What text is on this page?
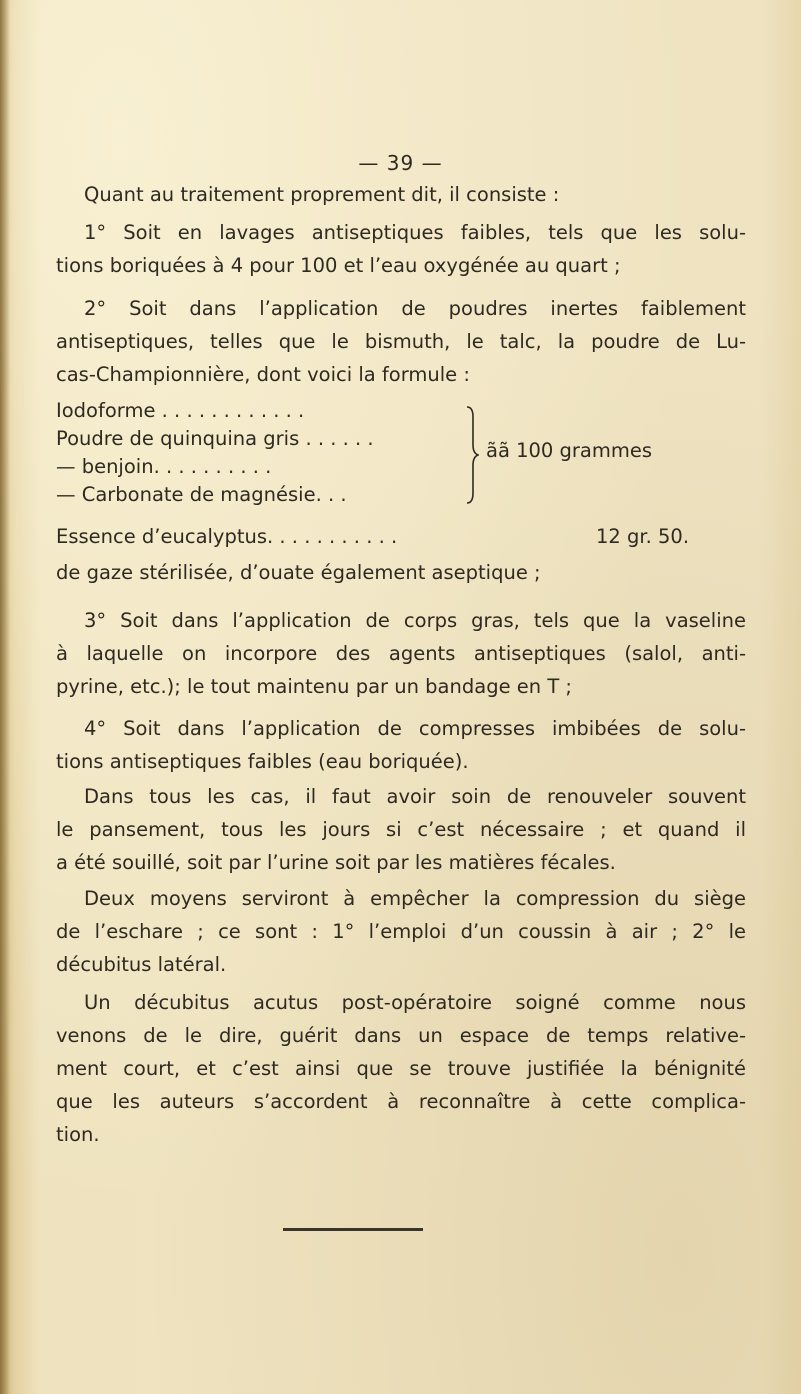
— 39 —

Quant au traitement proprement dit, il consiste :

1° Soit en lavages antiseptiques faibles, tels que les solu-

tions boriquées à 4 pour 100 et l’eau oxygénée au quart ;

2° Soit dans l’application de poudres inertes faiblement

antiseptiques, telles que le bismuth, le talc, la poudre de Lu-

cas-Championnière, dont voici la formule :

Iodoforme . . . . . . . . . . . .
Poudre de quinquina gris . . . . . .
— benjoin. . . . . . . . . .
— Carbonate de magnésie. . .
ãã 100 grammes
Essence d’eucalyptus. . . . . . . . . . .	12 gr. 50.

de gaze stérilisée, d’ouate également aseptique ;

3° Soit dans l’application de corps gras, tels que la vaseline

à laquelle on incorpore des agents antiseptiques (salol, anti-

pyrine, etc.); le tout maintenu par un bandage en T ;

4° Soit dans l’application de compresses imbibées de solu-

tions antiseptiques faibles (eau boriquée).

Dans tous les cas, il faut avoir soin de renouveler souvent

le pansement, tous les jours si c’est nécessaire ; et quand il

a été souillé, soit par l’urine soit par les matières fécales.

Deux moyens serviront à empêcher la compression du siège

de l’eschare ; ce sont : 1° l’emploi d’un coussin à air ; 2° le

décubitus latéral.

Un décubitus acutus post-opératoire soigné comme nous

venons de le dire, guérit dans un espace de temps relative-

ment court, et c’est ainsi que se trouve justifiée la bénignité

que les auteurs s’accordent à reconnaître à cette complica-

tion.
